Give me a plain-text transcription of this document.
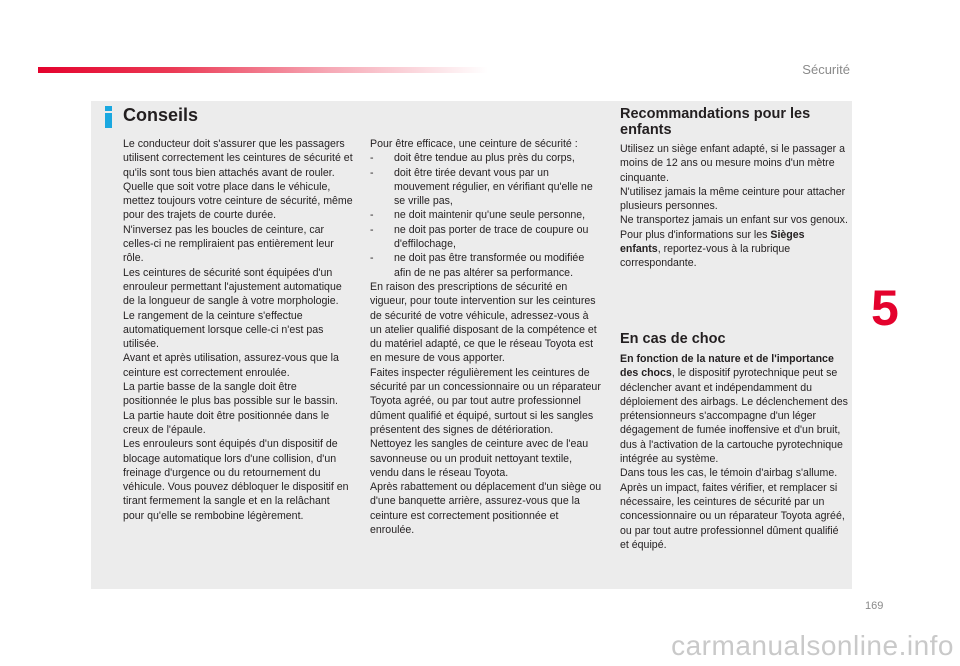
Sécurité
5
Conseils

Le conducteur doit s'assurer que les passagers utilisent correctement les ceintures de sécurité et qu'ils sont tous bien attachés avant de rouler.

Quelle que soit votre place dans le véhicule, mettez toujours votre ceinture de sécurité, même pour des trajets de courte durée.

N'inversez pas les boucles de ceinture, car celles-ci ne rempliraient pas entièrement leur rôle.

Les ceintures de sécurité sont équipées d'un enrouleur permettant l'ajustement automatique de la longueur de sangle à votre morphologie. Le rangement de la ceinture s'effectue automatiquement lorsque celle-ci n'est pas utilisée.

Avant et après utilisation, assurez-vous que la ceinture est correctement enroulée.

La partie basse de la sangle doit être positionnée le plus bas possible sur le bassin.

La partie haute doit être positionnée dans le creux de l'épaule.

Les enrouleurs sont équipés d'un dispositif de blocage automatique lors d'une collision, d'un freinage d'urgence ou du retournement du véhicule. Vous pouvez débloquer le dispositif en tirant fermement la sangle et en la relâchant pour qu'elle se rembobine légèrement.

Pour être efficace, une ceinture de sécurité :

-	doit être tendue au plus près du corps,
-	doit être tirée devant vous par un mouvement régulier, en vérifiant qu'elle ne se vrille pas,
-	ne doit maintenir qu'une seule personne,
-	ne doit pas porter de trace de coupure ou d'effilochage,
-	ne doit pas être transformée ou modifiée afin de ne pas altérer sa performance.

En raison des prescriptions de sécurité en vigueur, pour toute intervention sur les ceintures de sécurité de votre véhicule, adressez-vous à un atelier qualifié disposant de la compétence et du matériel adapté, ce que le réseau Toyota est en mesure de vous apporter.

Faites inspecter régulièrement les ceintures de sécurité par un concessionnaire ou un réparateur Toyota agréé, ou par tout autre professionnel dûment qualifié et équipé, surtout si les sangles présentent des signes de détérioration.

Nettoyez les sangles de ceinture avec de l'eau savonneuse ou un produit nettoyant textile, vendu dans le réseau Toyota.

Après rabattement ou déplacement d'un siège ou d'une banquette arrière, assurez-vous que la ceinture est correctement positionnée et enroulée.

Recommandations pour les enfants

Utilisez un siège enfant adapté, si le passager a moins de 12 ans ou mesure moins d'un mètre cinquante.

N'utilisez jamais la même ceinture pour attacher plusieurs personnes.

Ne transportez jamais un enfant sur vos genoux.

Pour plus d'informations sur les Sièges enfants, reportez-vous à la rubrique correspondante.

En cas de choc

En fonction de la nature et de l'importance des chocs, le dispositif pyrotechnique peut se déclencher avant et indépendamment du déploiement des airbags. Le déclenchement des prétensionneurs s'accompagne d'un léger dégagement de fumée inoffensive et d'un bruit, dus à l'activation de la cartouche pyrotechnique intégrée au système.

Dans tous les cas, le témoin d'airbag s'allume.

Après un impact, faites vérifier, et remplacer si nécessaire, les ceintures de sécurité par un concessionnaire ou un réparateur Toyota agréé, ou par tout autre professionnel dûment qualifié et équipé.

169
carmanualsonline.info
